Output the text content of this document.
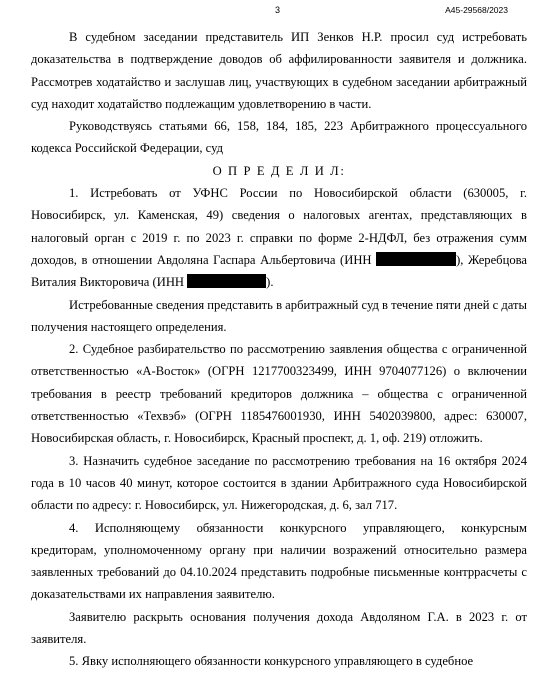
3	А45-29568/2023

В судебном заседании представитель ИП Зенков Н.Р. просил суд истребовать доказательства в подтверждение доводов об аффилированности заявителя и должника. Рассмотрев ходатайство и заслушав лиц, участвующих в судебном заседании арбитражный суд находит ходатайство подлежащим удовлетворению в части.

Руководствуясь статьями 66, 158, 184, 185, 223 Арбитражного процессуального кодекса Российской Федерации, суд

О П Р Е Д Е Л И Л:

1. Истребовать от УФНС России по Новосибирской области (630005, г. Новосибирск, ул. Каменская, 49) сведения о налоговых агентах, представляющих в налоговый орган с 2019 г. по 2023 г. справки по форме 2-НДФЛ, без отражения сумм доходов, в отношении Авдоляна Гаспара Альбертовича (ИНН	), Жеребцова Виталия Викторовича (ИНН	).

Истребованные сведения представить в арбитражный суд в течение пяти дней с даты получения настоящего определения.

2. Судебное разбирательство по рассмотрению заявления общества с ограниченной ответственностью «А-Восток» (ОГРН 1217700323499, ИНН 9704077126) о включении требования в реестр требований кредиторов должника – общества с ограниченной ответственностью «Техвэб» (ОГРН 1185476001930, ИНН 5402039800, адрес: 630007, Новосибирская область, г. Новосибирск, Красный проспект, д. 1, оф. 219) отложить.

3. Назначить судебное заседание по рассмотрению требования на 16 октября 2024 года в 10 часов 40 минут, которое состоится в здании Арбитражного суда Новосибирской области по адресу: г. Новосибирск, ул. Нижегородская, д. 6, зал 717.

4. Исполняющему обязанности конкурсного управляющего, конкурсным кредиторам, уполномоченному органу при наличии возражений относительно размера заявленных требований до 04.10.2024 представить подробные письменные контррасчеты с доказательствами их направления заявителю.

Заявителю раскрыть основания получения дохода Авдоляном Г.А. в 2023 г. от заявителя.

5. Явку исполняющего обязанности конкурсного управляющего в судебное
